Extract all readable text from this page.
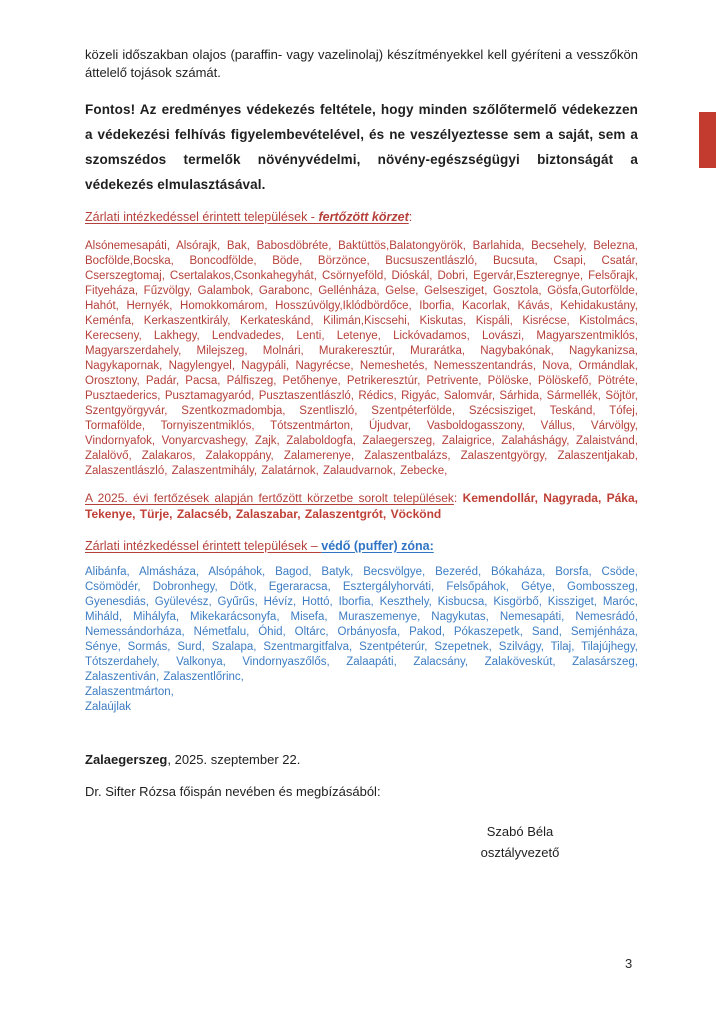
közeli időszakban olajos (paraffin- vagy vazelinolaj) készítményekkel kell gyéríteni a vesszőkön áttelelő tojások számát.

Fontos! Az eredményes védekezés feltétele, hogy minden szőlőtermelő védekezzen a védekezési felhívás figyelembevételével, és ne veszélyeztesse sem a saját, sem a szomszédos termelők növényvédelmi, növény-egészségügyi biztonságát a védekezés elmulasztásával.

Zárlati intézkedéssel érintett települések - fertőzött körzet:

Alsónemesapáti, Alsórajk, Bak, Babosdöbréte, Baktüttös,Balatongyörök, Barlahida, Becsehely, Belezna, Bocfölde,Bocska, Boncodfölde, Böde, Börzönce, Bucsuszentlászló, Bucsuta, Csapi, Csatár, Cserszegtomaj, Csertalakos,Csonkahegyhát, Csörnyeföld, Dióskál, Dobri, Egervár,Eszteregnye, Felsőrajk, Fityeháza, Fűzvölgy, Galambok, Garabonc, Gellénháza, Gelse, Gelsesziget, Gosztola, Gösfa,Gutorfölde, Hahót, Hernyék, Homokkomárom, Hosszúvölgy,Iklódbördőce, Iborfia, Kacorlak, Kávás, Kehidakustány, Keménfa, Kerkaszentkirály, Kerkateskánd, Kilimán,Kiscsehi, Kiskutas, Kispáli, Kisrécse, Kistolmács, Kerecseny, Lakhegy, Lendvadedes, Lenti, Letenye, Lickóvadamos, Lovászi, Magyarszentmiklós, Magyarszerdahely, Milejszeg, Molnári, Murakeresztúr, Murarátka, Nagybakónak, Nagykanizsa, Nagykapornak, Nagylengyel, Nagypáli, Nagyrécse, Nemeshetés, Nemesszentandrás, Nova, Ormándlak, Orosztony, Padár, Pacsa, Pálfiszeg, Petőhenye, Petrikeresztúr, Petrivente, Pölöske, Pölöskefő, Pötréte, Pusztaederics, Pusztamagyaród, Pusztaszentlászló, Rédics, Rigyác, Salomvár, Sárhida, Sármellék, Söjtör, Szentgyörgyvár, Szentkozmadombja, Szentliszló, Szentpéterfölde, Szécsisziget, Teskánd, Tófej, Tormafölde, Tornyiszentmiklós, Tótszentmárton, Újudvar, Vasboldogasszony, Vállus, Várvölgy, Vindornyafok, Vonyarcvashegy, Zajk, Zalaboldogfa, Zalaegerszeg, Zalaigrice, Zalaháshágy, Zalaistvánd, Zalalövő, Zalakaros, Zalakoppány, Zalamerenye, Zalaszentbalázs, Zalaszentgyörgy, Zalaszentjakab, Zalaszentlászló, Zalaszentmihály, Zalatárnok, Zalaudvarnok, Zebecke,

A 2025. évi fertőzések alapján fertőzött körzetbe sorolt települések: Kemendollár, Nagyrada, Páka, Tekenye, Türje, Zalacséb, Zalaszabar, Zalaszentgrót, Vöckönd

Zárlati intézkedéssel érintett települések – védő (puffer) zóna:

Alibánfa, Almásháza, Alsópáhok, Bagod, Batyk, Becsvölgye, Bezeréd, Bókaháza, Borsfa, Csöde, Csömödér, Dobronhegy, Dötk, Egeraracsa, Esztergályhorváti, Felsőpáhok, Gétye, Gombosszeg, Gyenesdiás, Gyülevész, Gyűrűs, Hévíz, Hottó, Iborfia, Keszthely, Kisbucsa, Kisgörbő, Kissziget, Maróc, Miháld, Mihályfa, Mikekarácsonyfa, Misefa, Muraszemenye, Nagykutas, Nemesapáti, Nemesrádó, Nemessándorháza, Németfalu, Óhid, Oltárc, Orbányosfa, Pakod, Pókaszepetk, Sand, Semjénháza, Sénye, Sormás, Surd, Szalapa, Szentmargitfalva, Szentpéterúr, Szepetnek, Szilvágy, Tilaj, Tilajújhegy, Tótszerdahely, Valkonya, Vindornyaszőlős, Zalaapáti, Zalacsány, Zalaköveskút, Zalasárszeg, Zalaszentiván, Zalaszentlőrinc,

Zalaszentmárton,

Zalaújlak

Zalaegerszeg, 2025. szeptember 22.

Dr. Sifter Rózsa főispán nevében és megbízásából:

Szabó Béla
osztályvezető
3
